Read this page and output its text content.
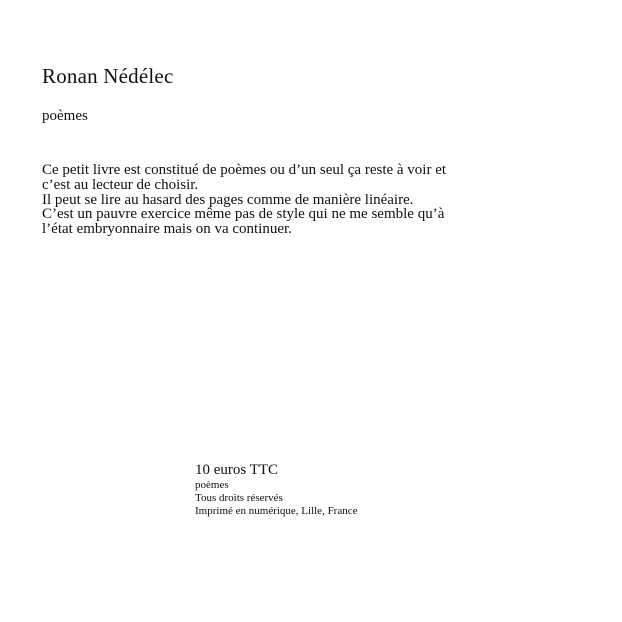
Ronan Nédélec
poèmes

Ce petit livre est constitué de poèmes ou d’un seul ça reste à voir et c’est au lecteur de choisir.

Il peut se lire au hasard des pages comme de manière linéaire.

C’est un pauvre exercice même pas de style qui ne me semble qu’à l’état embryonnaire mais on va continuer.

10 euros TTC

poèmes

Tous droits réservés

Imprimé en numérique, Lille, France
